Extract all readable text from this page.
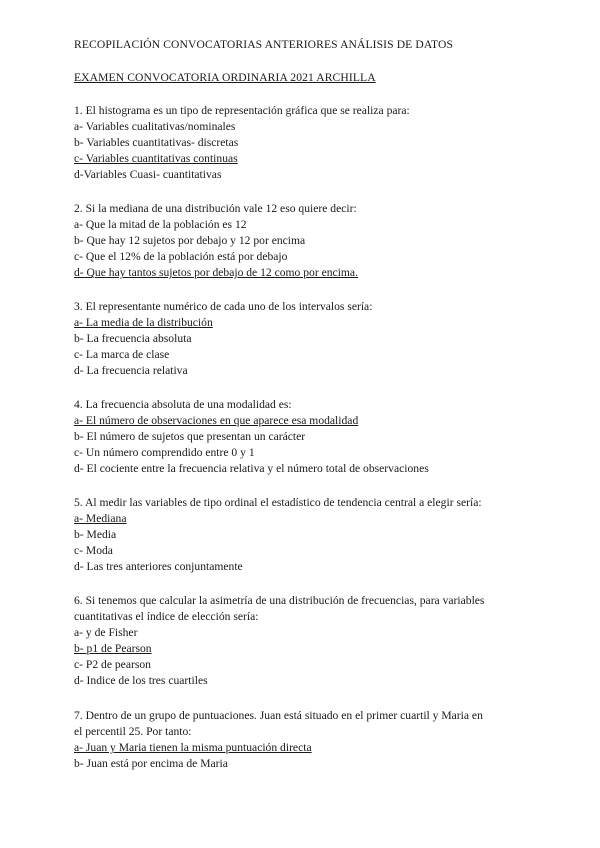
RECOPILACIÓN CONVOCATORIAS ANTERIORES ANÁLISIS DE DATOS
EXAMEN CONVOCATORIA ORDINARIA 2021 ARCHILLA
1. El histograma es un tipo de representación gráfica que se realiza para:
a- Variables cualitativas/nominales
b- Variables cuantitativas- discretas
c- Variables cuantitativas continuas
d-Variables Cuasi- cuantitativas
2. Si la mediana de una distribución vale 12 eso quiere decir:
a- Que la mitad de la población es 12
b- Que hay 12 sujetos por debajo y 12 por encima
c- Que el 12% de la población está por debajo
d- Que hay tantos sujetos por debajo de 12 como por encima.
3. El representante numérico de cada uno de los intervalos sería:
a- La media de la distribución
b- La frecuencia absoluta
c- La marca de clase
d- La frecuencia relativa
4. La frecuencia absoluta de una modalidad es:
a- El número de observaciones en que aparece esa modalidad
b- El número de sujetos que presentan un carácter
c- Un número comprendido entre 0 y 1
d- El cociente entre la frecuencia relativa y el número total de observaciones
5. Al medir las variables de tipo ordinal el estadístico de tendencia central a elegir sería:
a- Mediana
b- Media
c- Moda
d- Las tres anteriores conjuntamente
6. Si tenemos que calcular la asimetría de una distribución de frecuencias, para variables
cuantitativas el índice de elección sería:
a- y de Fisher
b- p1 de Pearson
c- P2 de pearson
d- Indice de los tres cuartiles
7. Dentro de un grupo de puntuaciones. Juan está situado en el primer cuartil y Maria en
el percentil 25. Por tanto:
a- Juan y Maria tienen la misma puntuación directa
b- Juan está por encima de Maria
